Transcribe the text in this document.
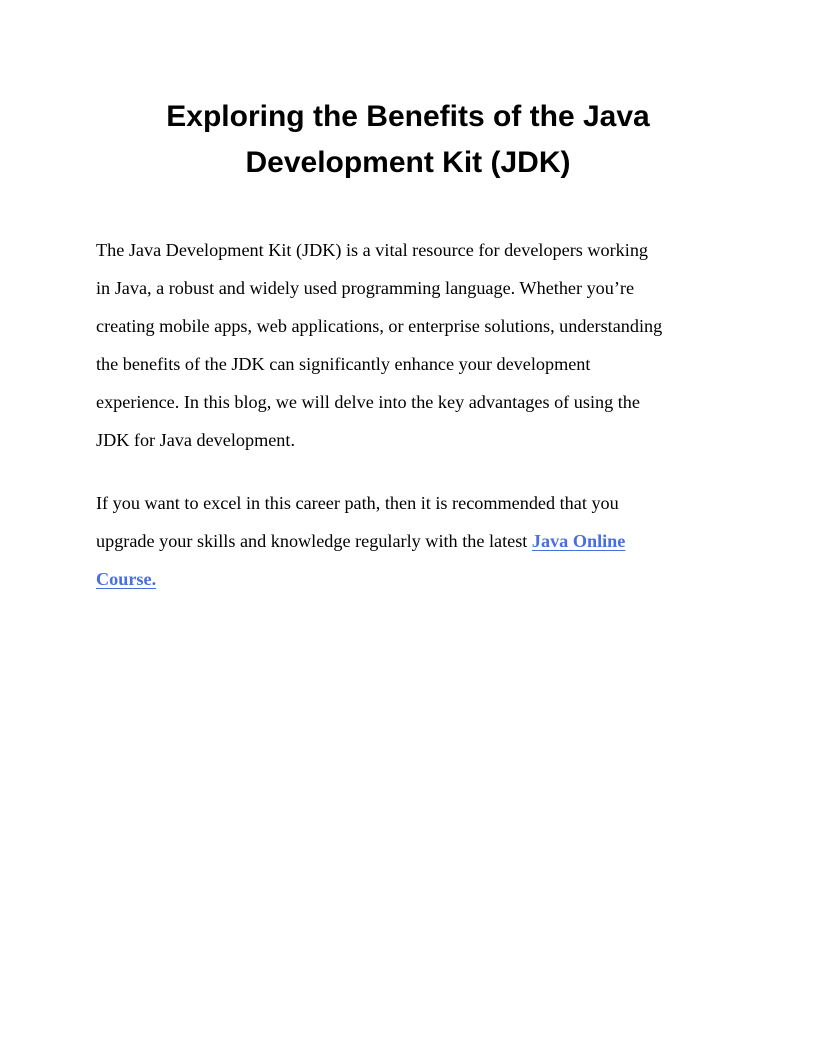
Exploring the Benefits of the Java
Development Kit (JDK)
The Java Development Kit (JDK) is a vital resource for developers working
in Java, a robust and widely used programming language. Whether you’re
creating mobile apps, web applications, or enterprise solutions, understanding
the benefits of the JDK can significantly enhance your development
experience. In this blog, we will delve into the key advantages of using the
JDK for Java development.
If you want to excel in this career path, then it is recommended that you
upgrade your skills and knowledge regularly with the latest Java Online
Course.
